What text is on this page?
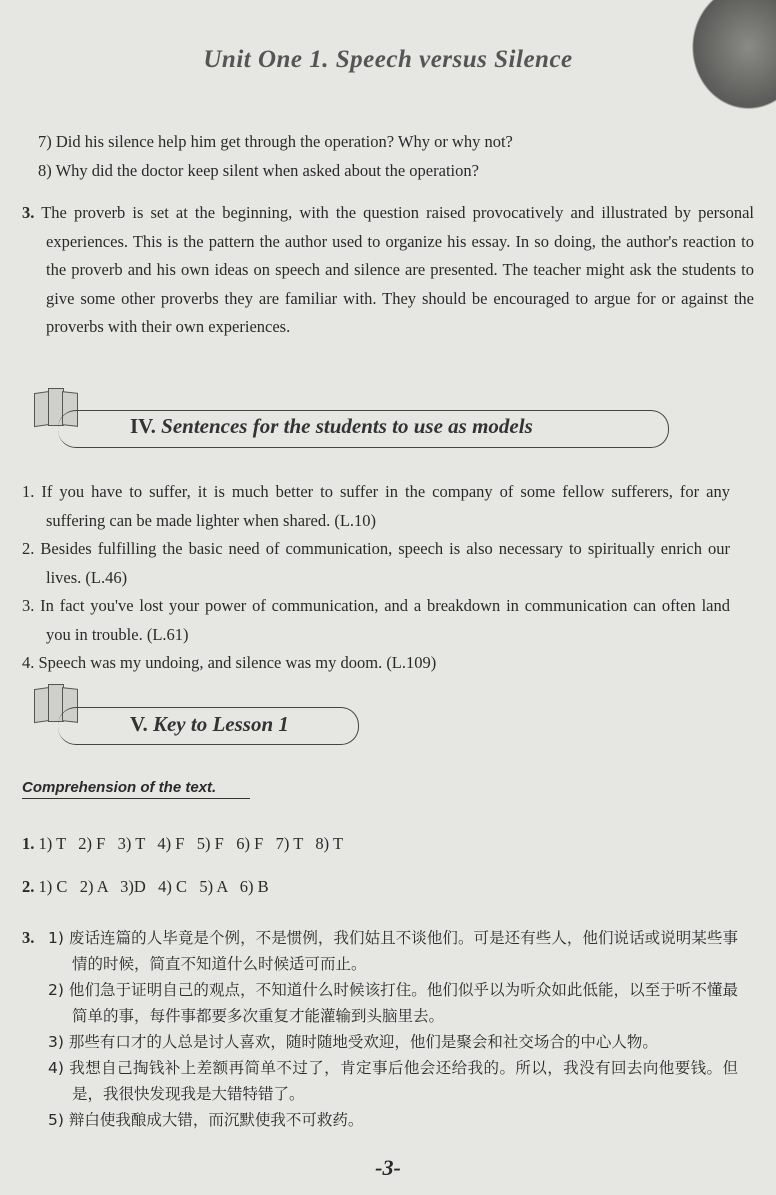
Unit One 1. Speech versus Silence
7) Did his silence help him get through the operation? Why or why not?
8) Why did the doctor keep silent when asked about the operation?
3. The proverb is set at the beginning, with the question raised provocatively and illustrated by personal experiences. This is the pattern the author used to organize his essay. In so doing, the author's reaction to the proverb and his own ideas on speech and silence are presented. The teacher might ask the students to give some other proverbs they are familiar with. They should be encouraged to argue for or against the proverbs with their own experiences.
IV. Sentences for the students to use as models
1. If you have to suffer, it is much better to suffer in the company of some fellow sufferers, for any suffering can be made lighter when shared. (L.10)
2. Besides fulfilling the basic need of communication, speech is also necessary to spiritually enrich our lives. (L.46)
3. In fact you've lost your power of communication, and a breakdown in communication can often land you in trouble. (L.61)
4. Speech was my undoing, and silence was my doom. (L.109)
V. Key to Lesson 1
Comprehension of the text.
1. 1) T   2) F   3) T   4) F   5) F   6) F   7) T   8) T
2. 1) C   2) A   3)D   4) C   5) A   6) B
3. 1) 废话连篇的人毕竟是个例，不是惯例，我们姑且不谈他们。可是还有些人，他们说话或说明某些事情的时候，简直不知道什么时候适可而止。
2) 他们急于证明自己的观点，不知道什么时候该打住。他们似乎以为听众如此低能，以至于听不懂最简单的事，每件事都要多次重复才能灌输到头脑里去。
3) 那些有口才的人总是讨人喜欢，随时随地受欢迎，他们是聚会和社交场合的中心人物。
4) 我想自己掏钱补上差额再简单不过了，肯定事后他会还给我的。所以，我没有回去向他要钱。但是，我很快发现我是大错特错了。
5) 辩白使我酿成大错，而沉默使我不可救药。
-3-
